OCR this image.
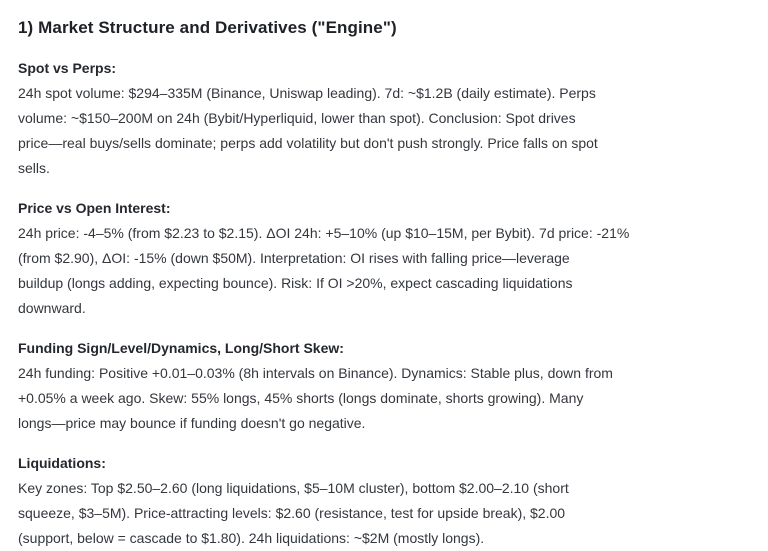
1) Market Structure and Derivatives ("Engine")
Spot vs Perps:
24h spot volume: $294–335M (Binance, Uniswap leading). 7d: ~$1.2B (daily estimate). Perps
volume: ~$150–200M on 24h (Bybit/Hyperliquid, lower than spot). Conclusion: Spot drives
price—real buys/sells dominate; perps add volatility but don't push strongly. Price falls on spot
sells.
Price vs Open Interest:
24h price: -4–5% (from $2.23 to $2.15). ΔOI 24h: +5–10% (up $10–15M, per Bybit). 7d price: -21%
(from $2.90), ΔOI: -15% (down $50M). Interpretation: OI rises with falling price—leverage
buildup (longs adding, expecting bounce). Risk: If OI >20%, expect cascading liquidations
downward.
Funding Sign/Level/Dynamics, Long/Short Skew:
24h funding: Positive +0.01–0.03% (8h intervals on Binance). Dynamics: Stable plus, down from
+0.05% a week ago. Skew: 55% longs, 45% shorts (longs dominate, shorts growing). Many
longs—price may bounce if funding doesn't go negative.
Liquidations:
Key zones: Top $2.50–2.60 (long liquidations, $5–10M cluster), bottom $2.00–2.10 (short
squeeze, $3–5M). Price-attracting levels: $2.60 (resistance, test for upside break), $2.00
(support, below = cascade to $1.80). 24h liquidations: ~$2M (mostly longs).
